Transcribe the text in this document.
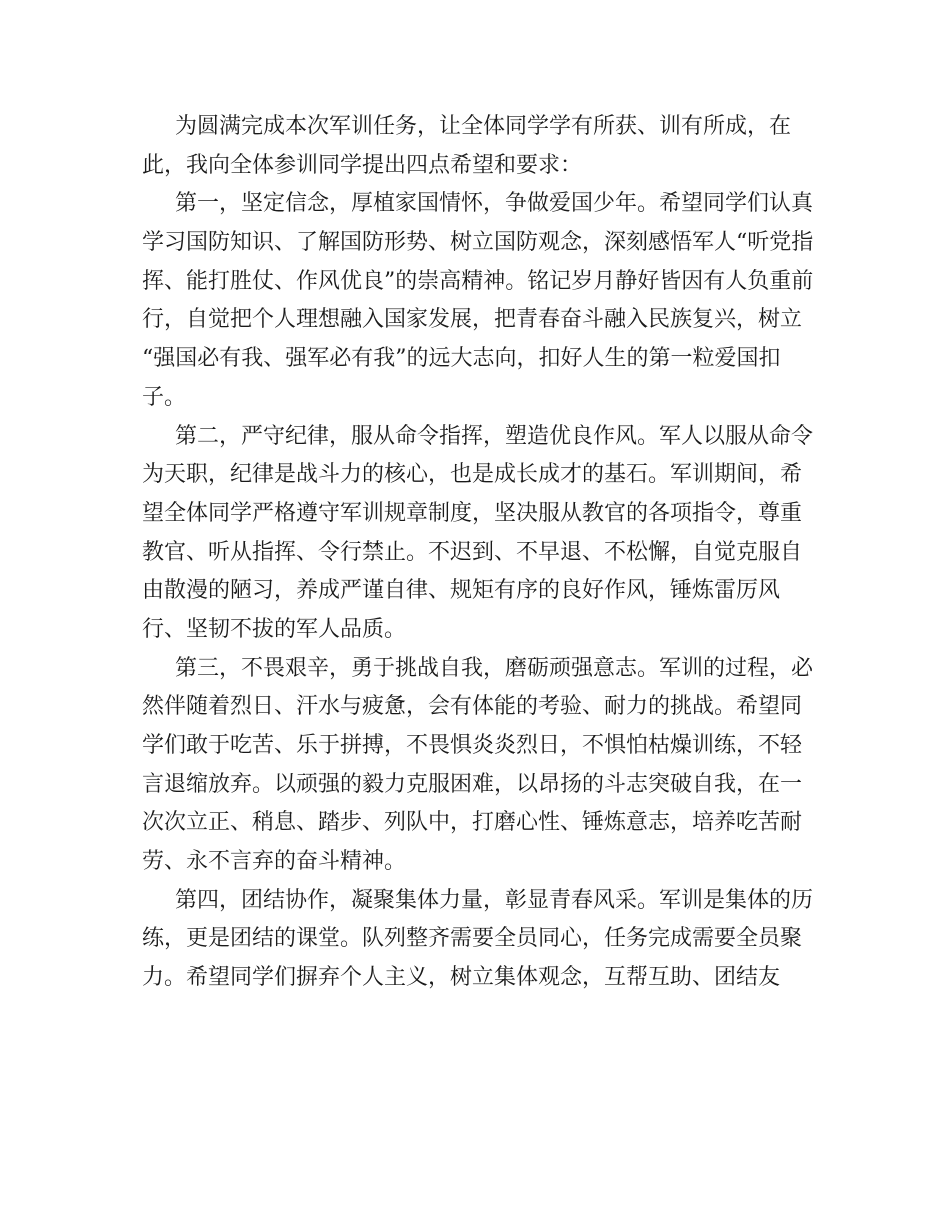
为圆满完成本次军训任务，让全体同学学有所获、训有所成，在
此，我向全体参训同学提出四点希望和要求：
第一，坚定信念，厚植家国情怀，争做爱国少年。希望同学们认真
学习国防知识、了解国防形势、树立国防观念，深刻感悟军人“听党指
挥、能打胜仗、作风优良”的崇高精神。铭记岁月静好皆因有人负重前
行，自觉把个人理想融入国家发展，把青春奋斗融入民族复兴，树立
“强国必有我、强军必有我”的远大志向，扣好人生的第一粒爱国扣
子。
第二，严守纪律，服从命令指挥，塑造优良作风。军人以服从命令
为天职，纪律是战斗力的核心，也是成长成才的基石。军训期间，希
望全体同学严格遵守军训规章制度，坚决服从教官的各项指令，尊重
教官、听从指挥、令行禁止。不迟到、不早退、不松懈，自觉克服自
由散漫的陋习，养成严谨自律、规矩有序的良好作风，锤炼雷厉风
行、坚韧不拔的军人品质。
第三，不畏艰辛，勇于挑战自我，磨砺顽强意志。军训的过程，必
然伴随着烈日、汗水与疲惫，会有体能的考验、耐力的挑战。希望同
学们敢于吃苦、乐于拼搏，不畏惧炎炎烈日，不惧怕枯燥训练，不轻
言退缩放弃。以顽强的毅力克服困难，以昂扬的斗志突破自我，在一
次次立正、稍息、踏步、列队中，打磨心性、锤炼意志，培养吃苦耐
劳、永不言弃的奋斗精神。
第四，团结协作，凝聚集体力量，彰显青春风采。军训是集体的历
练，更是团结的课堂。队列整齐需要全员同心，任务完成需要全员聚
力。希望同学们摒弃个人主义，树立集体观念，互帮互助、团结友
